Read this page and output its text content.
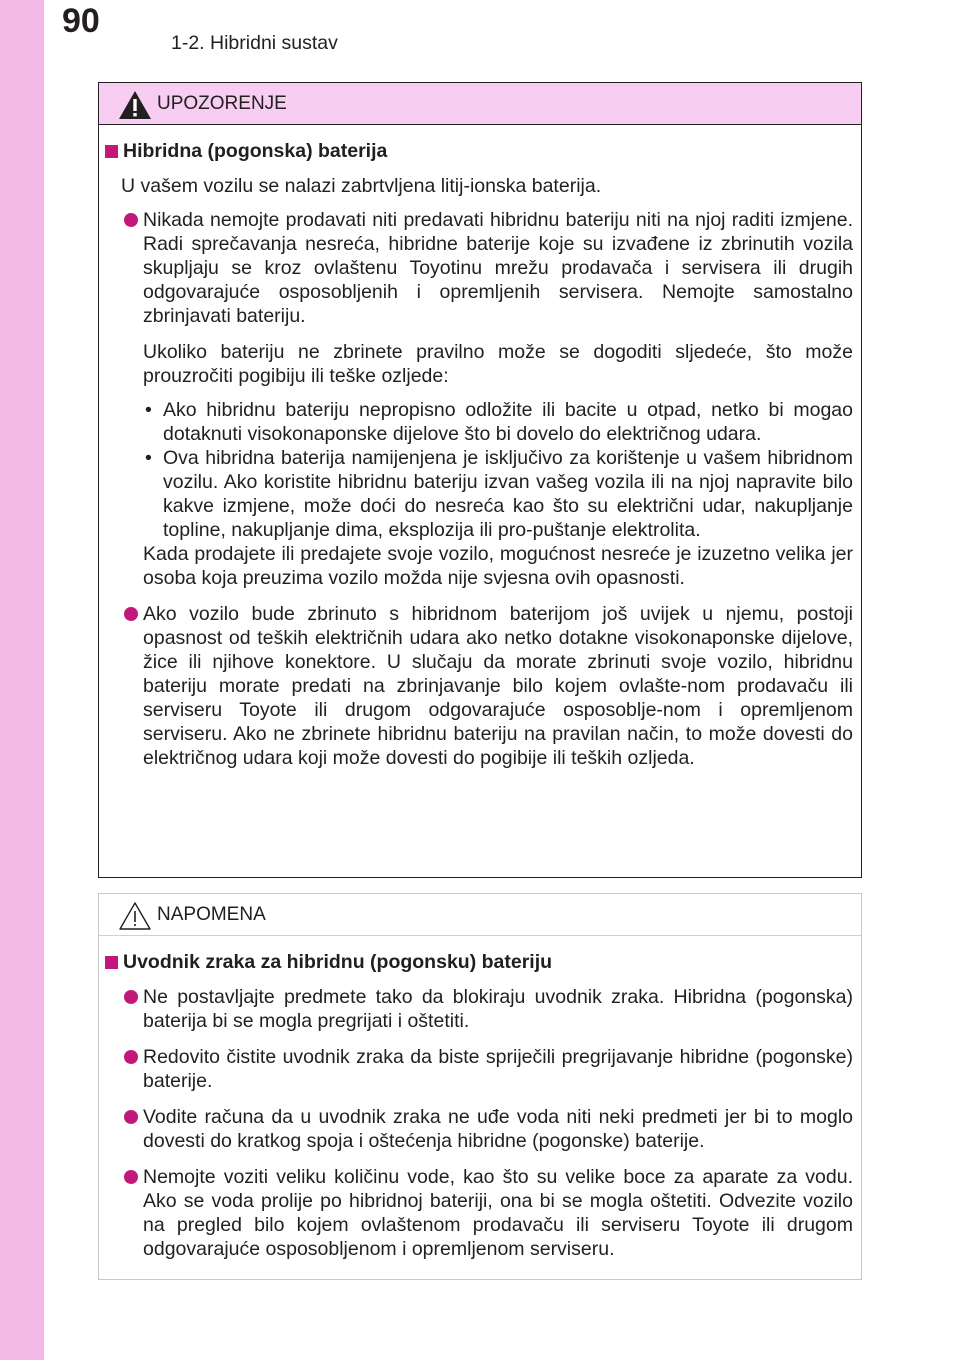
90
1-2. Hibridni sustav
UPOZORENJE
Hibridna (pogonska) baterija

U vašem vozilu se nalazi zabrtvljena litij-ionska baterija.

Nikada nemojte prodavati niti predavati hibridnu bateriju niti na njoj raditi izmjene. Radi sprečavanja nesreća, hibridne baterije koje su izvađene iz zbrinutih vozila skupljaju se kroz ovlaštenu Toyotinu mrežu prodavača i servisera ili drugih odgovarajuće osposobljenih i opremljenih servisera. Nemojte samostalno zbrinjavati bateriju.

Ukoliko bateriju ne zbrinete pravilno može se dogoditi sljedeće, što može prouzročiti pogibiju ili teške ozljede:

• Ako hibridnu bateriju nepropisno odložite ili bacite u otpad, netko bi mogao dotaknuti visokonaponske dijelove što bi dovelo do električnog udara.
• Ova hibridna baterija namijenjena je isključivo za korištenje u vašem hibridnom vozilu. Ako koristite hibridnu bateriju izvan vašeg vozila ili na njoj napravite bilo kakve izmjene, može doći do nesreća kao što su električni udar, nakupljanje topline, nakupljanje dima, eksplozija ili pro-puštanje elektrolita.

Kada prodajete ili predajete svoje vozilo, mogućnost nesreće je izuzetno velika jer osoba koja preuzima vozilo možda nije svjesna ovih opasnosti.

Ako vozilo bude zbrinuto s hibridnom baterijom još uvijek u njemu, postoji opasnost od teških električnih udara ako netko dotakne visokonaponske dijelove, žice ili njihove konektore. U slučaju da morate zbrinuti svoje vozilo, hibridnu bateriju morate predati na zbrinjavanje bilo kojem ovlašte-nom prodavaču ili serviseru Toyote ili drugom odgovarajuće osposoblje-nom i opremljenom serviseru. Ako ne zbrinete hibridnu bateriju na pravilan način, to može dovesti do električnog udara koji može dovesti do pogibije ili teških ozljeda.
NAPOMENA
Uvodnik zraka za hibridnu (pogonsku) bateriju
Ne postavljajte predmete tako da blokiraju uvodnik zraka. Hibridna (pogonska) baterija bi se mogla pregrijati i oštetiti.
Redovito čistite uvodnik zraka da biste spriječili pregrijavanje hibridne (pogonske) baterije.
Vodite računa da u uvodnik zraka ne uđe voda niti neki predmeti jer bi to moglo dovesti do kratkog spoja i oštećenja hibridne (pogonske) baterije.
Nemojte voziti veliku količinu vode, kao što su velike boce za aparate za vodu. Ako se voda prolije po hibridnoj bateriji, ona bi se mogla oštetiti. Odvezite vozilo na pregled bilo kojem ovlaštenom prodavaču ili serviseru Toyote ili drugom odgovarajuće osposobljenom i opremljenom serviseru.
